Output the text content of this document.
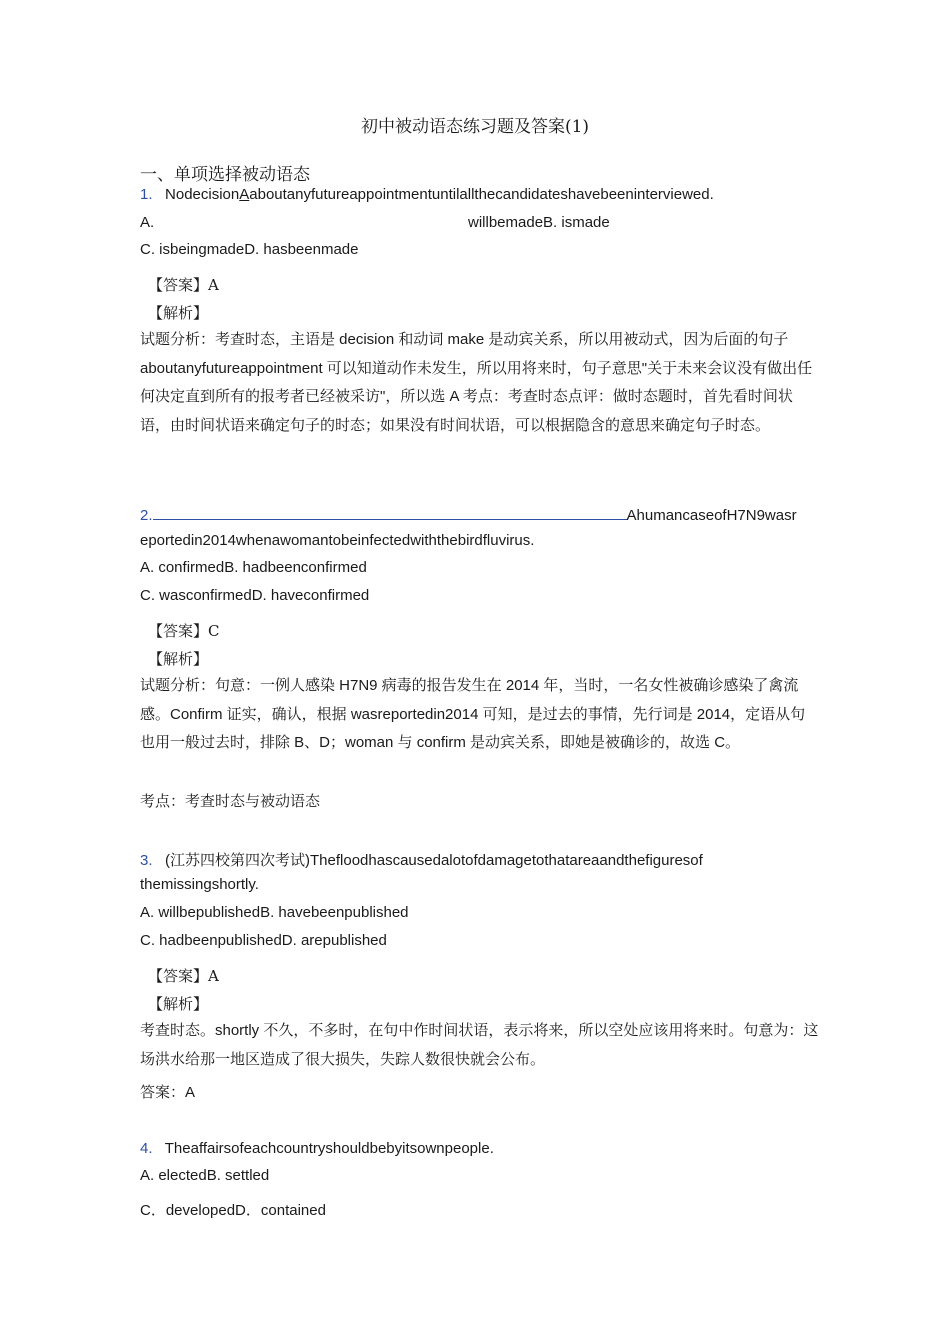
初中被动语态练习题及答案(1)
一、单项选择被动语态
1. NodecisionAaboutanyfutureappointmentuntilallthecandidateshavebeeninterviewed.
A.	willbemadeB. ismade
C. isbeingmadeD. hasbeenmade
【答案】A
【解析】
试题分析：考查时态，主语是 decision 和动词 make 是动宾关系，所以用被动式，因为后面的句子 aboutanyfutureappointment 可以知道动作未发生，所以用将来时，句子意思"关于未来会议没有做出任何决定直到所有的报考者已经被采访"，所以选 A 考点：考查时态点评：做时态题时，首先看时间状语，由时间状语来确定句子的时态；如果没有时间状语，可以根据隐含的意思来确定句子时态。
2.	AhumancaseofH7N9wasr
eportedin2014whenawomantobeinfectedwiththebirdfluvirus.
A. confirmedB. hadbeenconfirmed
C. wasconfirmedD. haveconfirmed
【答案】C
【解析】
试题分析：句意：一例人感染 H7N9 病毒的报告发生在 2014 年，当时，一名女性被确诊感染了禽流感。Confirm 证实，确认，根据 wasreportedin2014 可知，是过去的事情，先行词是 2014，定语从句也用一般过去时，排除 B、D；woman 与 confirm 是动宾关系，即她是被确诊的，故选 C。
考点：考查时态与被动语态
3. (江苏四校第四次考试)Thefloodhascausedalotofdamagetothatareaandthefiguresof
themissingshortly.
A. willbepublishedB. havebeenpublished
C. hadbeenpublishedD. arepublished
【答案】A
【解析】
考查时态。shortly 不久，不多时，在句中作时间状语，表示将来，所以空处应该用将来时。句意为：这场洪水给那一地区造成了很大损失，失踪人数很快就会公布。
答案：A
4. Theaffairsofeachcountryshouldbebyitsownpeople.
A. electedB. settled
C．developedD．contained
